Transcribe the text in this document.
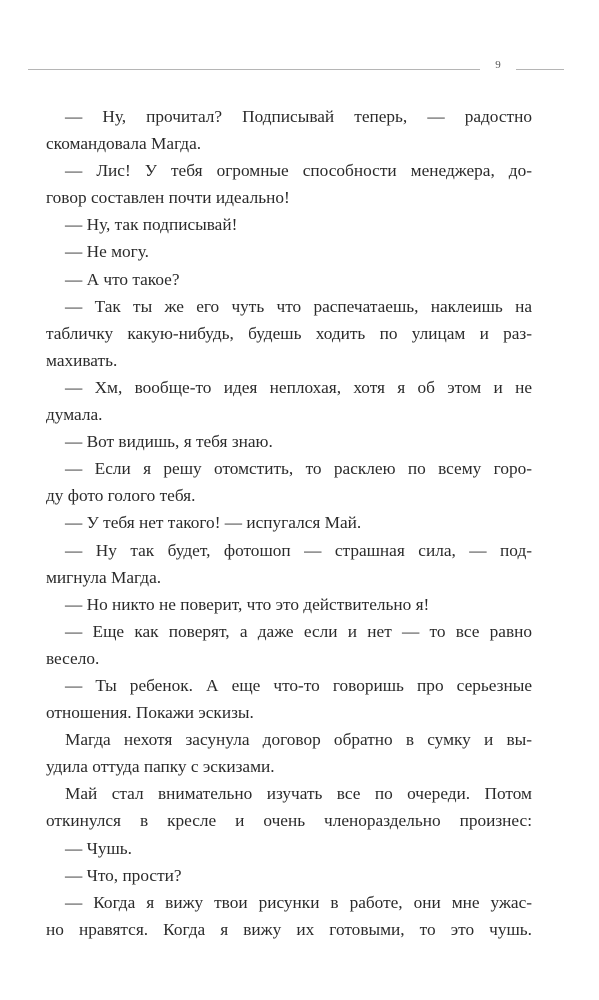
9
— Ну, прочитал? Подписывай теперь, — радостно
скомандовала Магда.
— Лис! У тебя огромные способности менеджера, до-
говор составлен почти идеально!
— Ну, так подписывай!
— Не могу.
— А что такое?
— Так ты же его чуть что распечатаешь, наклеишь на
табличку какую-нибудь, будешь ходить по улицам и раз-
махивать.
— Хм, вообще-то идея неплохая, хотя я об этом и не
думала.
— Вот видишь, я тебя знаю.
— Если я решу отомстить, то расклею по всему горо-
ду фото голого тебя.
— У тебя нет такого! — испугался Май.
— Ну так будет, фотошоп — страшная сила, — под-
мигнула Магда.
— Но никто не поверит, что это действительно я!
— Еще как поверят, а даже если и нет — то все равно
весело.
— Ты ребенок. А еще что-то говоришь про серьезные
отношения. Покажи эскизы.
Магда нехотя засунула договор обратно в сумку и вы-
удила оттуда папку с эскизами.
Май стал внимательно изучать все по очереди. Потом
откинулся в кресле и очень членораздельно произнес:
— Чушь.
— Что, прости?
— Когда я вижу твои рисунки в работе, они мне ужас-
но нравятся. Когда я вижу их готовыми, то это чушь.
